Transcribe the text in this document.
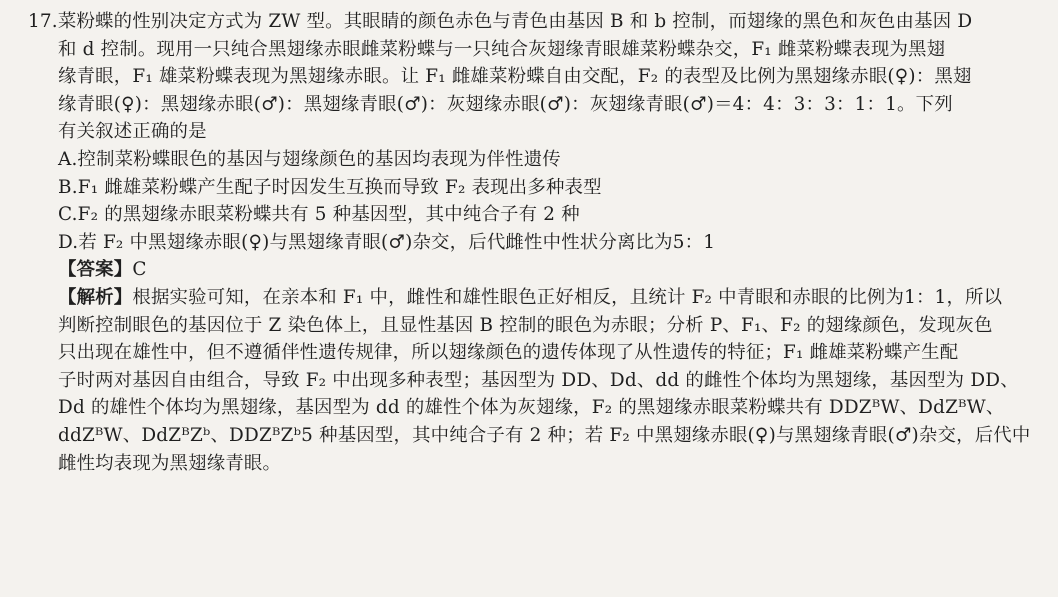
17.菜粉蝶的性别决定方式为 ZW 型。其眼睛的颜色赤色与青色由基因 B 和 b 控制，而翅缘的黑色和灰色由基因 D
和 d 控制。现用一只纯合黑翅缘赤眼雌菜粉蝶与一只纯合灰翅缘青眼雄菜粉蝶杂交，F₁ 雌菜粉蝶表现为黑翅
缘青眼，F₁ 雄菜粉蝶表现为黑翅缘赤眼。让 F₁ 雌雄菜粉蝶自由交配，F₂ 的表型及比例为黑翅缘赤眼(♀)：黑翅
缘青眼(♀)：黑翅缘赤眼(♂)：黑翅缘青眼(♂)：灰翅缘赤眼(♂)：灰翅缘青眼(♂)＝4：4：3：3：1：1。下列
有关叙述正确的是
A.控制菜粉蝶眼色的基因与翅缘颜色的基因均表现为伴性遗传
B.F₁ 雌雄菜粉蝶产生配子时因发生互换而导致 F₂ 表现出多种表型
C.F₂ 的黑翅缘赤眼菜粉蝶共有 5 种基因型，其中纯合子有 2 种
D.若 F₂ 中黑翅缘赤眼(♀)与黑翅缘青眼(♂)杂交，后代雌性中性状分离比为5：1
【答案】C
【解析】根据实验可知，在亲本和 F₁ 中，雌性和雄性眼色正好相反，且统计 F₂ 中青眼和赤眼的比例为1：1，所以
判断控制眼色的基因位于 Z 染色体上，且显性基因 B 控制的眼色为赤眼；分析 P、F₁、F₂ 的翅缘颜色，发现灰色
只出现在雄性中，但不遵循伴性遗传规律，所以翅缘颜色的遗传体现了从性遗传的特征；F₁ 雌雄菜粉蝶产生配
子时两对基因自由组合，导致 F₂ 中出现多种表型；基因型为 DD、Dd、dd 的雌性个体均为黑翅缘，基因型为 DD、
Dd 的雄性个体均为黑翅缘，基因型为 dd 的雄性个体为灰翅缘，F₂ 的黑翅缘赤眼菜粉蝶共有 DDZᴮW、DdZᴮW、
ddZᴮW、DdZᴮZᵇ、DDZᴮZᵇ5 种基因型，其中纯合子有 2 种；若 F₂ 中黑翅缘赤眼(♀)与黑翅缘青眼(♂)杂交，后代中
雌性均表现为黑翅缘青眼。
